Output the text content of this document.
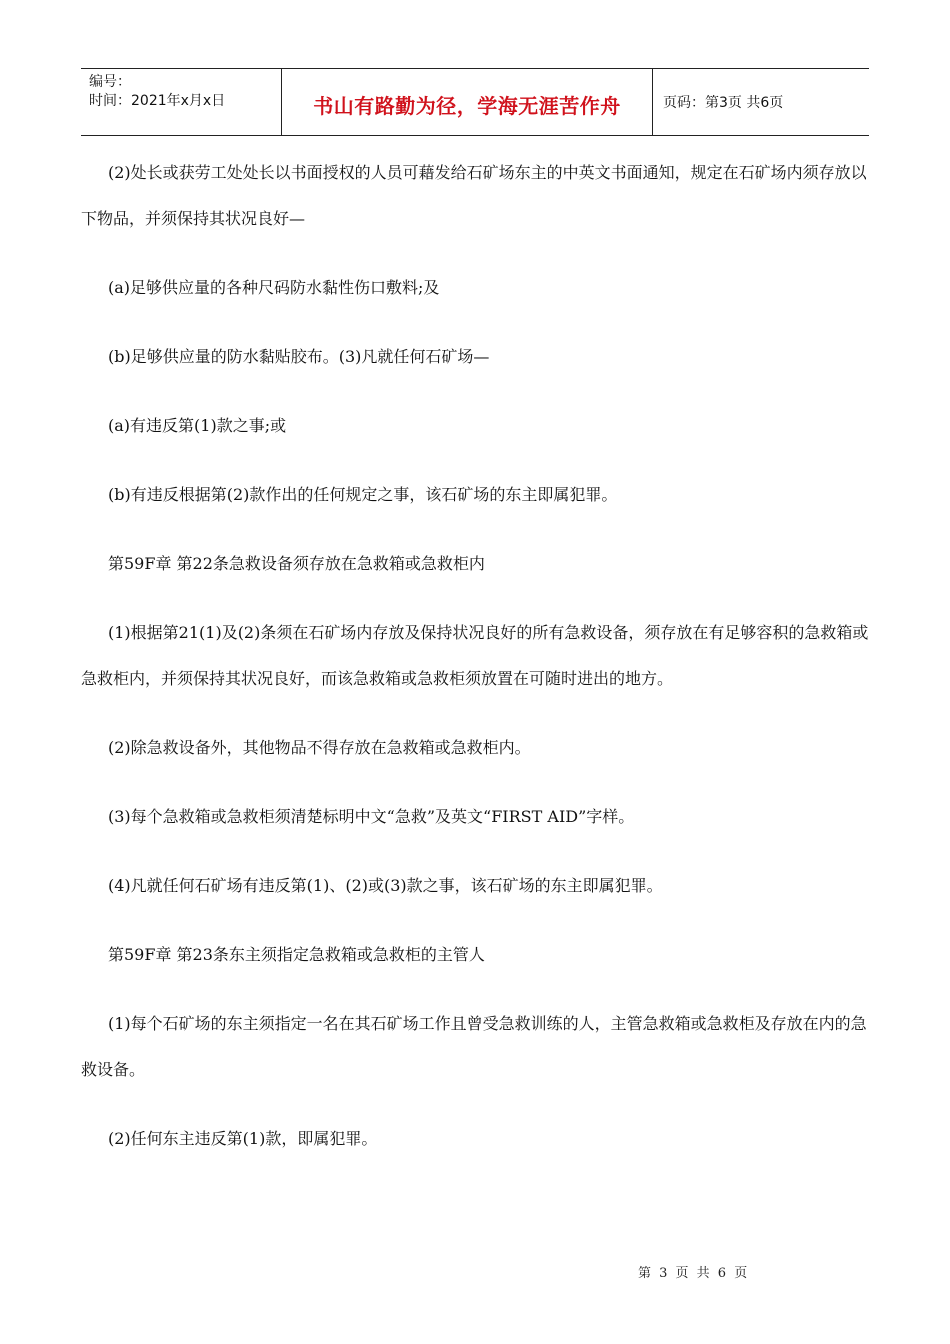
编号：
时间：2021年x月x日	书山有路勤为径，学海无涯苦作舟	页码：第3页 共6页

(2)处长或获劳工处处长以书面授权的人员可藉发给石矿场东主的中英文书面通知，规定在石矿场内须存放以下物品，并须保持其状况良好—

(a)足够供应量的各种尺码防水黏性伤口敷料;及

(b)足够供应量的防水黏贴胶布。(3)凡就任何石矿场—

(a)有违反第(1)款之事;或

(b)有违反根据第(2)款作出的任何规定之事，该石矿场的东主即属犯罪。

第59F章 第22条急救设备须存放在急救箱或急救柜内

(1)根据第21(1)及(2)条须在石矿场内存放及保持状况良好的所有急救设备，须存放在有足够容积的急救箱或急救柜内，并须保持其状况良好，而该急救箱或急救柜须放置在可随时进出的地方。

(2)除急救设备外，其他物品不得存放在急救箱或急救柜内。

(3)每个急救箱或急救柜须清楚标明中文“急救”及英文“FIRST AID”字样。

(4)凡就任何石矿场有违反第(1)、(2)或(3)款之事，该石矿场的东主即属犯罪。

第59F章 第23条东主须指定急救箱或急救柜的主管人

(1)每个石矿场的东主须指定一名在其石矿场工作且曾受急救训练的人，主管急救箱或急救柜及存放在内的急救设备。

(2)任何东主违反第(1)款，即属犯罪。

第 3 页 共 6 页
